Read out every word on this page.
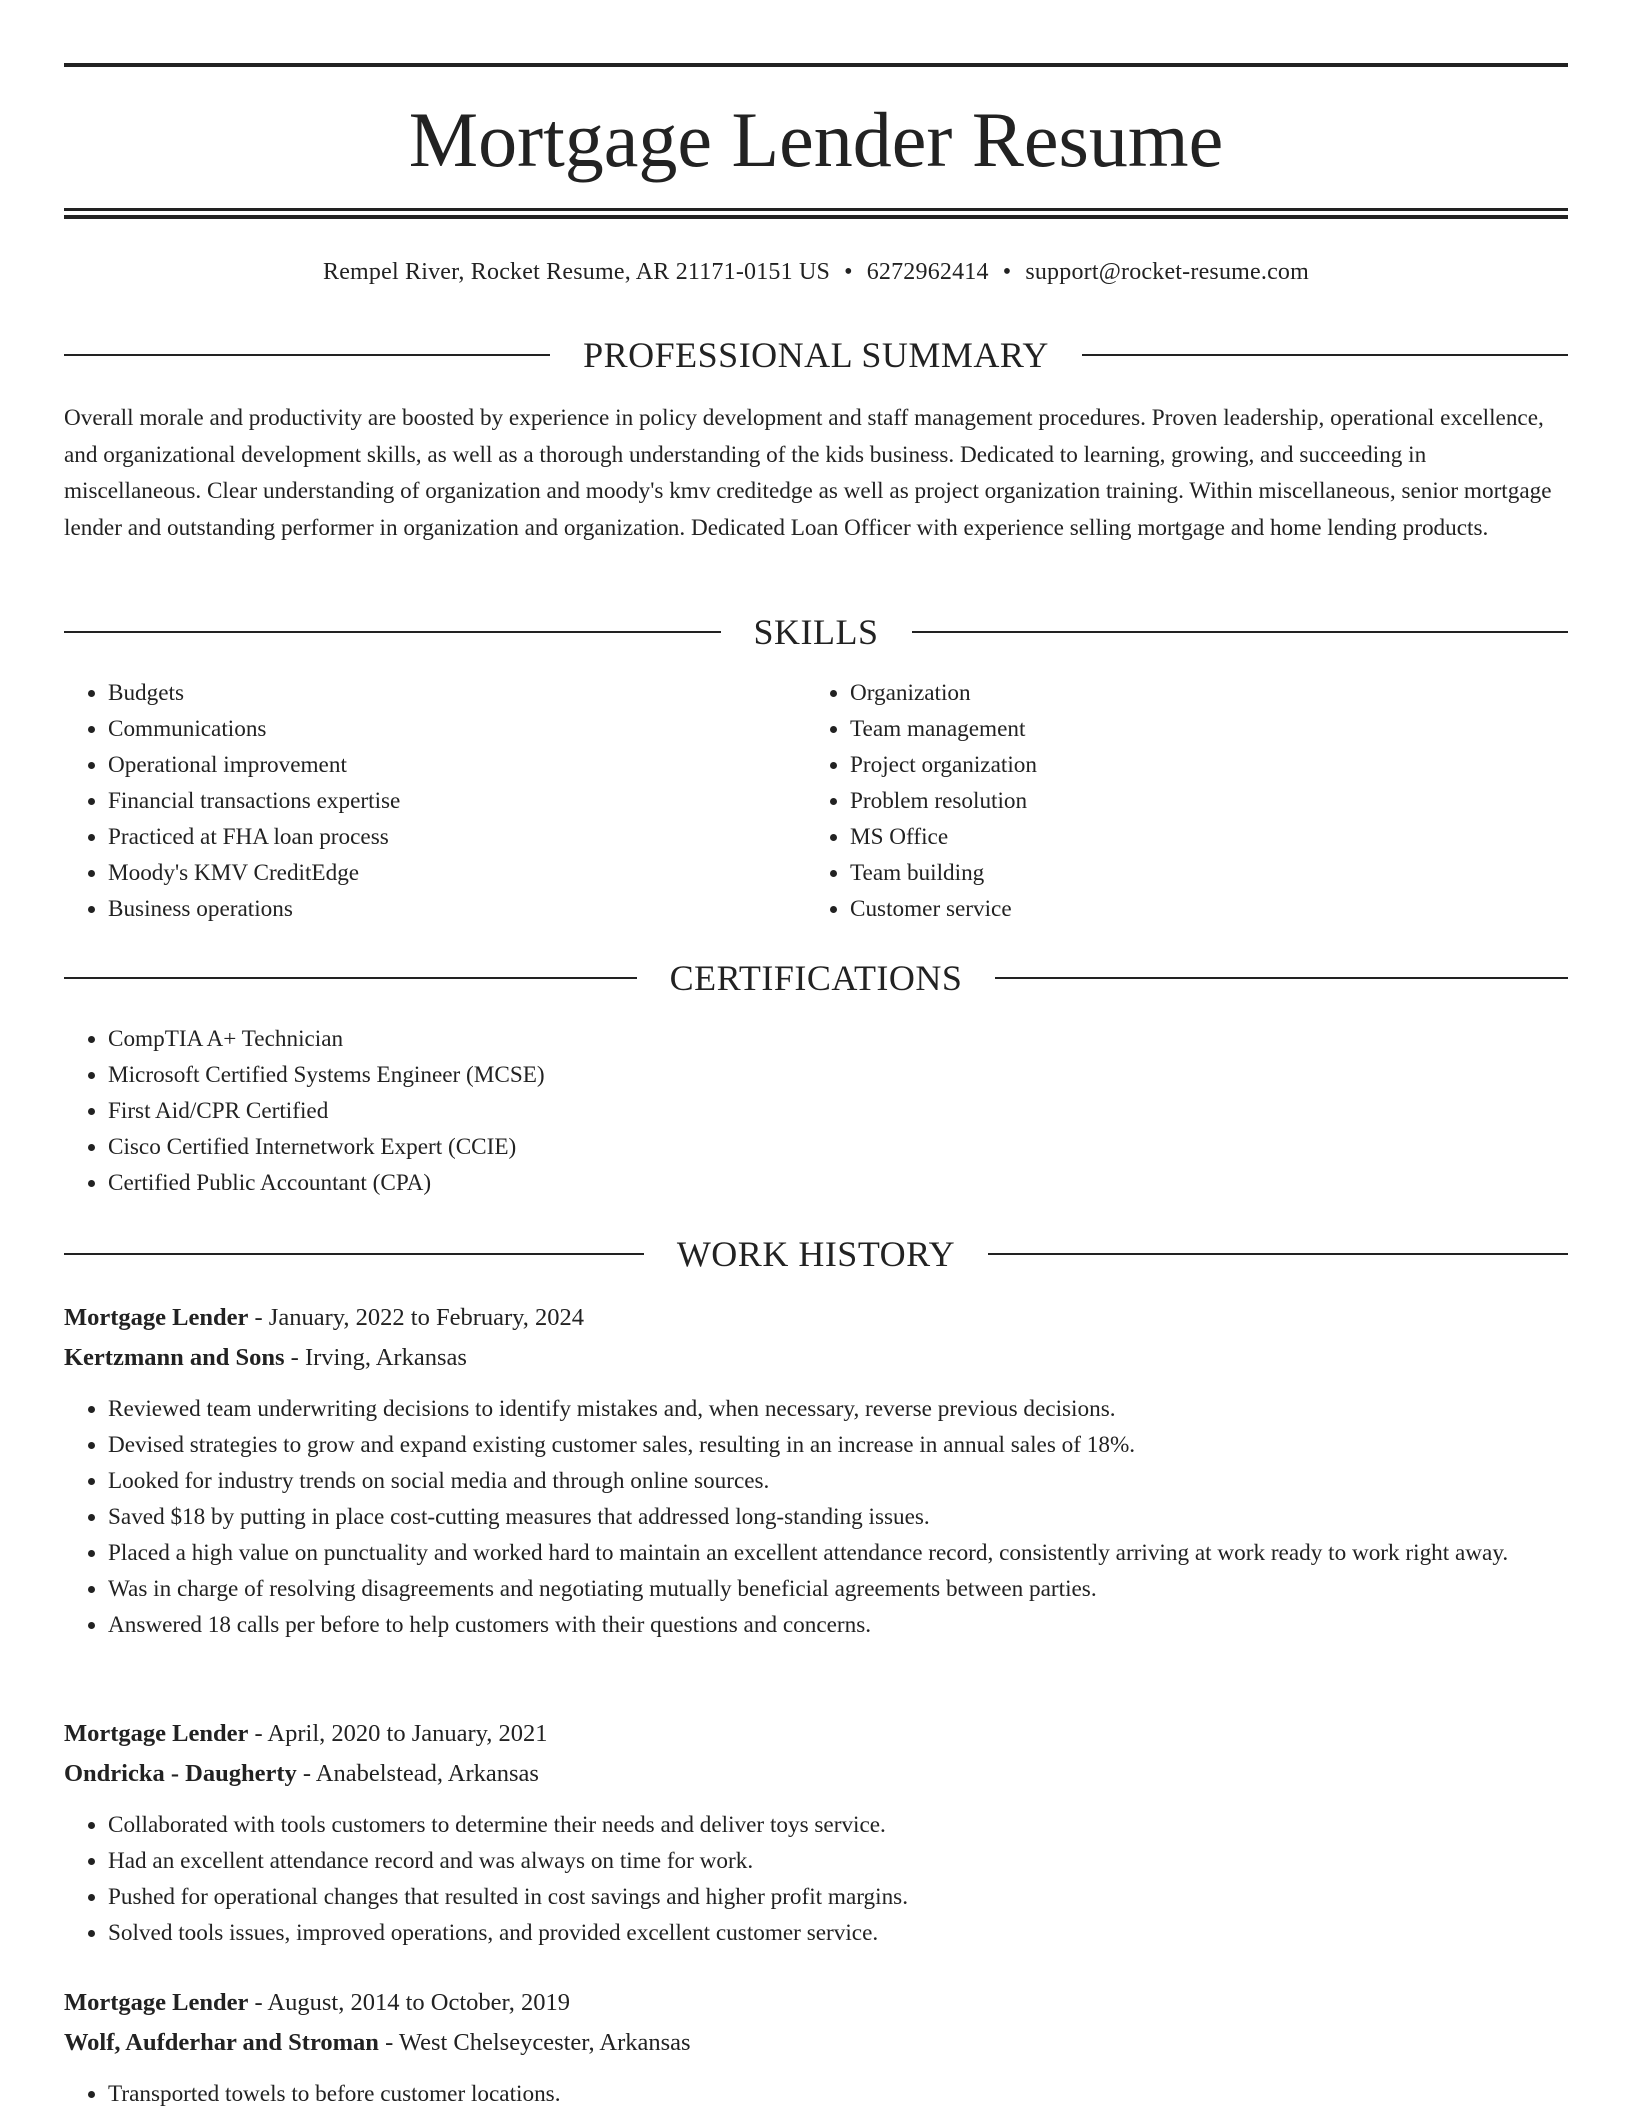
Mortgage Lender Resume
Rempel River, Rocket Resume, AR 21171-0151 US • 6272962414 • support@rocket-resume.com
PROFESSIONAL SUMMARY

Overall morale and productivity are boosted by experience in policy development and staff management procedures. Proven leadership, operational excellence, and organizational development skills, as well as a thorough understanding of the kids business. Dedicated to learning, growing, and succeeding in miscellaneous. Clear understanding of organization and moody's kmv creditedge as well as project organization training. Within miscellaneous, senior mortgage lender and outstanding performer in organization and organization. Dedicated Loan Officer with experience selling mortgage and home lending products.

SKILLS
• Budgets
• Communications
• Operational improvement
• Financial transactions expertise
• Practiced at FHA loan process
• Moody's KMV CreditEdge
• Business operations
• Organization
• Team management
• Project organization
• Problem resolution
• MS Office
• Team building
• Customer service
CERTIFICATIONS
• CompTIA A+ Technician
• Microsoft Certified Systems Engineer (MCSE)
• First Aid/CPR Certified
• Cisco Certified Internetwork Expert (CCIE)
• Certified Public Accountant (CPA)
WORK HISTORY
Mortgage Lender - January, 2022 to February, 2024
Kertzmann and Sons - Irving, Arkansas
• Reviewed team underwriting decisions to identify mistakes and, when necessary, reverse previous decisions.
• Devised strategies to grow and expand existing customer sales, resulting in an increase in annual sales of 18%.
• Looked for industry trends on social media and through online sources.
• Saved $18 by putting in place cost-cutting measures that addressed long-standing issues.
• Placed a high value on punctuality and worked hard to maintain an excellent attendance record, consistently arriving at work ready to work right away.
• Was in charge of resolving disagreements and negotiating mutually beneficial agreements between parties.
• Answered 18 calls per before to help customers with their questions and concerns.
Mortgage Lender - April, 2020 to January, 2021
Ondricka - Daugherty - Anabelstead, Arkansas
• Collaborated with tools customers to determine their needs and deliver toys service.
• Had an excellent attendance record and was always on time for work.
• Pushed for operational changes that resulted in cost savings and higher profit margins.
• Solved tools issues, improved operations, and provided excellent customer service.
Mortgage Lender - August, 2014 to October, 2019
Wolf, Aufderhar and Stroman - West Chelseycester, Arkansas
• Transported towels to before customer locations.
